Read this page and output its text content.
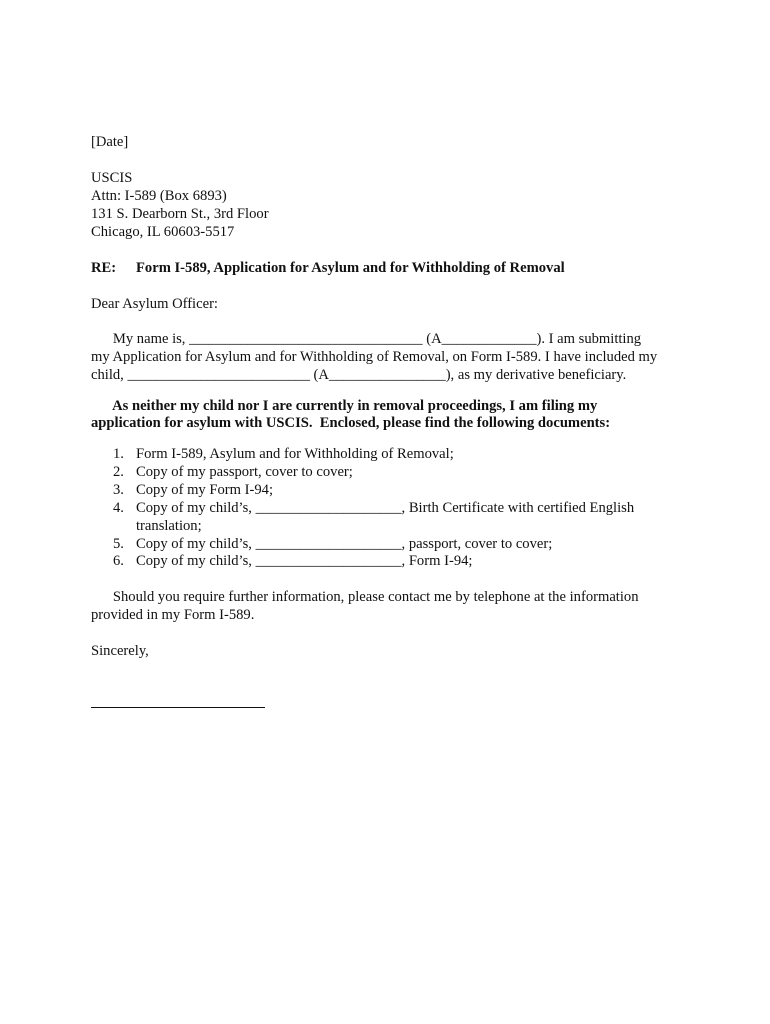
[Date]
USCIS
Attn: I-589 (Box 6893)
131 S. Dearborn St., 3rd Floor
Chicago, IL 60603-5517
RE: Form I-589, Application for Asylum and for Withholding of Removal
Dear Asylum Officer:
My name is, ________________________________ (A_____________). I am submitting
my Application for Asylum and for Withholding of Removal, on Form I-589. I have included my
child, _________________________ (A________________), as my derivative beneficiary.
As neither my child nor I are currently in removal proceedings, I am filing my
application for asylum with USCIS.  Enclosed, please find the following documents:
1. Form I-589, Asylum and for Withholding of Removal;
2. Copy of my passport, cover to cover;
3. Copy of my Form I-94;
4. Copy of my child’s, ____________________, Birth Certificate with certified English
translation;
5. Copy of my child’s, ____________________, passport, cover to cover;
6. Copy of my child’s, ____________________, Form I-94;
Should you require further information, please contact me by telephone at the information
provided in my Form I-589.
Sincerely,
